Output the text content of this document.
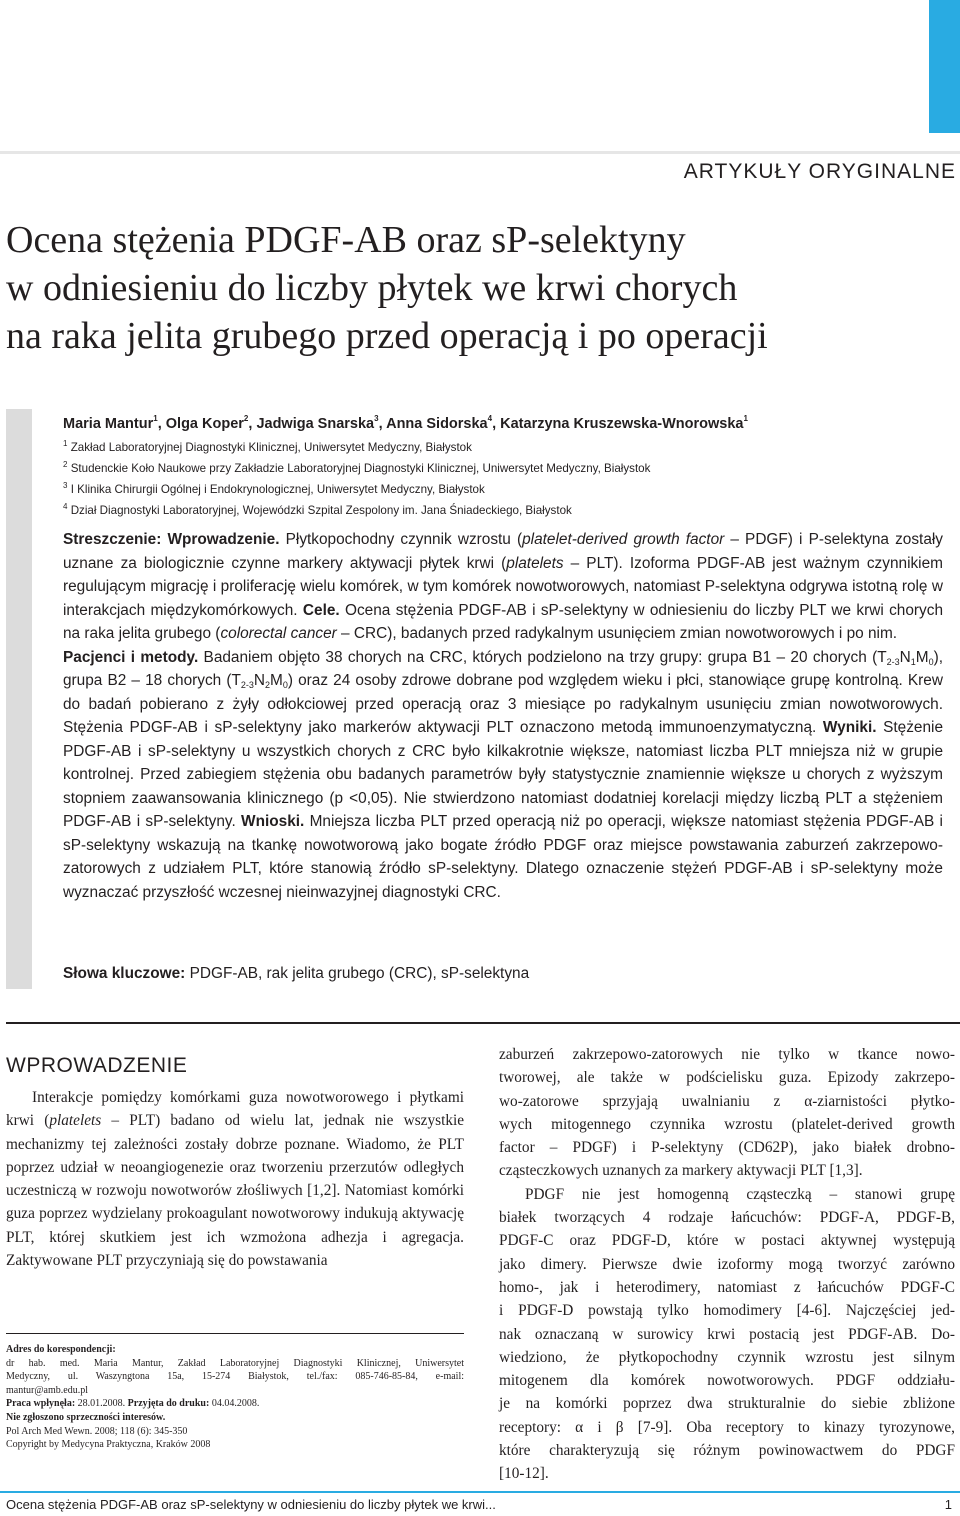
ARTYKUŁY ORYGINALNE
Ocena stężenia PDGF-AB oraz sP-selektyny
w odniesieniu do liczby płytek we krwi chorych
na raka jelita grubego przed operacją i po operacji
Maria Mantur$^1$, Olga Koper$^2$, Jadwiga Snarska$^3$, Anna Sidorska$^4$, Katarzyna Kruszewska-Wnorowska$^1$
$^1$ Zakład Laboratoryjnej Diagnostyki Klinicznej, Uniwersytet Medyczny, Białystok
$^2$ Studenckie Koło Naukowe przy Zakładzie Laboratoryjnej Diagnostyki Klinicznej, Uniwersytet Medyczny, Białystok
$^3$ I Klinika Chirurgii Ogólnej i Endokrynologicznej, Uniwersytet Medyczny, Białystok
$^4$ Dział Diagnostyki Laboratoryjnej, Wojewódzki Szpital Zespolony im. Jana Śniadeckiego, Białystok
Streszczenie: Wprowadzenie. Płytkopochodny czynnik wzrostu (platelet-derived growth factor – PDGF) i P-selektyna zostały uznane za biologicznie czynne markery aktywacji płytek krwi (platelets – PLT). Izoforma PDGF-AB jest ważnym czynnikiem regulującym migrację i proliferację wielu komórek, w tym komórek nowotworowych, natomiast P-selektyna odgrywa istotną rolę w interakcjach międzykomórkowych. Cele. Ocena stężenia PDGF-AB i sP-selektyny w odniesieniu do liczby PLT we krwi chorych na raka jelita grubego (colorectal cancer – CRC), badanych przed radykalnym usunięciem zmian nowotworowych i po nim.
Pacjenci i metody. Badaniem objęto 38 chorych na CRC, których podzielono na trzy grupy: grupa B1 – 20 chorych $(T_{2-3}N_1M_0)$, grupa B2 – 18 chorych $(T_{2-3}N_2M_0)$ oraz 24 osoby zdrowe dobrane pod względem wieku i płci, stanowiące grupę kontrolną. Krew do badań pobierano z żyły odłokciowej przed operacją oraz 3 miesiące po radykalnym usunięciu zmian nowotworowych. Stężenia PDGF-AB i sP-selektyny jako markerów aktywacji PLT oznaczono metodą immunoenzymatyczną. Wyniki. Stężenie PDGF-AB i sP-selektyny u wszystkich chorych z CRC było kilkakrotnie większe, natomiast liczba PLT mniejsza niż w grupie kontrolnej. Przed zabiegiem stężenia obu badanych parametrów były statystycznie znamiennie większe u chorych z wyższym stopniem zaawansowania klinicznego (p <0,05). Nie stwierdzono natomiast dodatniej korelacji między liczbą PLT a stężeniem PDGF-AB i sP-selektyny. Wnioski. Mniejsza liczba PLT przed operacją niż po operacji, większe natomiast stężenia PDGF-AB i sP-selektyny wskazują na tkankę nowotworową jako bogate źródło PDGF oraz miejsce powstawania zaburzeń zakrzepowo-zatorowych z udziałem PLT, które stanowią źródło sP-selektyny. Dlatego oznaczenie stężeń PDGF-AB i sP-selektyny może wyznaczać przyszłość wczesnej nieinwazyjnej diagnostyki CRC.
Słowa kluczowe: PDGF-AB, rak jelita grubego (CRC), sP-selektyna
WPROWADZENIE

Interakcje pomiędzy komórkami guza nowotworowego i płytkami krwi (platelets – PLT) badano od wielu lat, jednak nie wszystkie mechanizmy tej zależności zostały dobrze poznane. Wiadomo, że PLT poprzez udział w neoangiogenezie oraz tworzeniu przerzutów odległych uczestniczą w rozwoju nowotworów złośliwych [1,2]. Natomiast komórki guza poprzez wydzielany prokoagulant nowotworowy indukują aktywację PLT, której skutkiem jest ich wzmożona adhezja i agregacja. Zaktywowane PLT przyczyniają się do powstawania

Adres do korespondencji:

dr hab. med. Maria Mantur, Zakład Laboratoryjnej Diagnostyki Klinicznej, Uniwersytet
Medyczny, ul. Waszyngtona 15a, 15-274 Białystok, tel./fax: 085-746-85-84, e-mail:
mantur@amb.edu.pl

Praca wpłynęła: 28.01.2008. Przyjęta do druku: 04.04.2008.

Nie zgłoszono sprzeczności interesów.

Pol Arch Med Wewn. 2008; 118 (6): 345-350

Copyright by Medycyna Praktyczna, Kraków 2008

zaburzeń zakrzepowo-zatorowych nie tylko w tkance nowo-
tworowej, ale także w podścielisku guza. Epizody zakrzepo-
wo-zatorowe sprzyjają uwalnianiu z α-ziarnistości płytko-
wych mitogennego czynnika wzrostu (platelet-derived growth
factor – PDGF) i P-selektyny (CD62P), jako białek drobno-
cząsteczkowych uznanych za markery aktywacji PLT [1,3].
PDGF nie jest homogenną cząsteczką – stanowi grupę
białek tworzących 4 rodzaje łańcuchów: PDGF-A, PDGF-B,
PDGF-C oraz PDGF-D, które w postaci aktywnej występują
jako dimery. Pierwsze dwie izoformy mogą tworzyć zarówno
homo-, jak i heterodimery, natomiast z łańcuchów PDGF-C
i PDGF-D powstają tylko homodimery [4-6]. Najczęściej jed-
nak oznaczaną w surowicy krwi postacią jest PDGF-AB. Do-
wiedziono, że płytkopochodny czynnik wzrostu jest silnym
mitogenem dla komórek nowotworowych. PDGF oddziału-
je na komórki poprzez dwa strukturalnie do siebie zbliżone
receptory: α i β [7-9]. Oba receptory to kinazy tyrozynowe,
które charakteryzują się różnym powinowactwem do PDGF
[10-12].
Ocena stężenia PDGF-AB oraz sP-selektyny w odniesieniu do liczby płytek we krwi...	1
